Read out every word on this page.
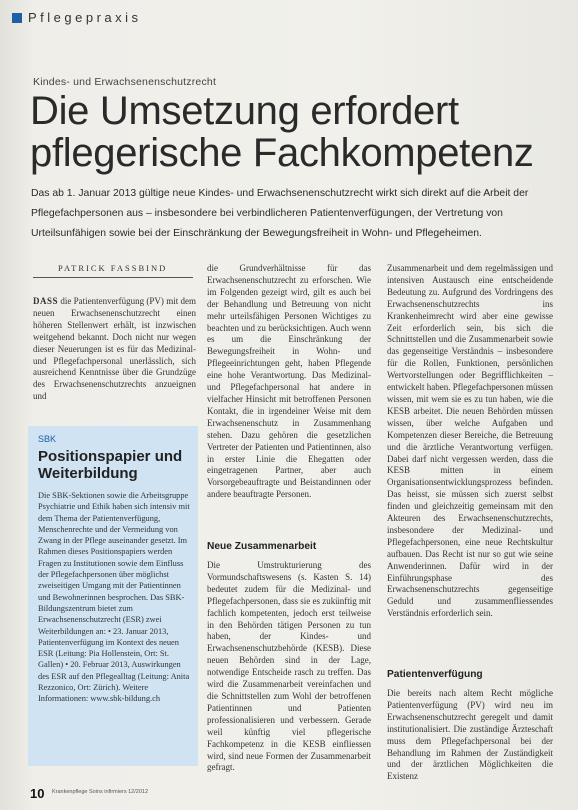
Pflegepraxis
Kindes- und Erwachsenenschutzrecht
Die Umsetzung erfordert
pflegerische Fachkompetenz
Das ab 1. Januar 2013 gültige neue Kindes- und Erwachsenenschutzrecht wirkt sich direkt auf die Arbeit der Pflegefachpersonen aus – insbesondere bei verbindlicheren Patientenverfügungen, der Vertretung von Urteilsunfähigen sowie bei der Einschränkung der Bewegungsfreiheit in Wohn- und Pflegeheimen.
PATRICK FASSBIND
DASS die Patientenverfügung (PV) mit dem neuen Erwachsenenschutzrecht einen höheren Stellenwert erhält, ist inzwischen weitgehend bekannt. Doch nicht nur wegen dieser Neuerungen ist es für das Medizinal- und Pflegefachpersonal unerlässlich, sich ausreichend Kenntnisse über die Grundzüge des Erwachsenenschutzrechts anzueignen und
SBK
Positionspapier und Weiterbildung
Die SBK-Sektionen sowie die Arbeitsgruppe Psychiatrie und Ethik haben sich intensiv mit dem Thema der Patientenverfügung, Menschenrechte und der Vermeidung von Zwang in der Pflege auseinander gesetzt. Im Rahmen dieses Positionspapiers werden Fragen zu Institutionen sowie dem Einfluss der Pflegefachpersonen über möglichst zweiseitigen Umgang mit der Patientinnen und Bewohnerinnen besprochen. Das SBK-Bildungszentrum bietet zum Erwachsenenschutzrecht (ESR) zwei Weiterbildungen an: • 23. Januar 2013, Patientenverfügung im Kontext des neuen ESR (Leitung: Pia Hollenstein, Ort: St. Gallen) • 20. Februar 2013, Auswirkungen des ESR auf den Pflegealltag (Leitung: Anita Rezzonico, Ort: Zürich). Weitere Informationen: www.sbk-bildung.ch
die Grundverhältnisse für das Erwachsenenschutzrecht zu erforschen. Wie im Folgenden gezeigt wird, gilt es auch bei der Behandlung und Betreuung von nicht mehr urteilsfähigen Personen Wichtiges zu beachten und zu berücksichtigen. Auch wenn es um die Einschränkung der Bewegungsfreiheit in Wohn- und Pflegeeinrichtungen geht, haben Pflegende eine hohe Verantwortung. Das Medizinal- und Pflegefachpersonal hat andere in vielfacher Hinsicht mit betroffenen Personen Kontakt, die in irgendeiner Weise mit dem Erwachsenenschutz in Zusammenhang stehen. Dazu gehören die gesetzlichen Vertreter der Patienten und Patientinnen, also in erster Linie die Ehegatten oder eingetragenen Partner, aber auch Vorsorgebeauftragte und Beistandinnen oder andere beauftragte Personen.
Neue Zusammenarbeit
Die Umstrukturierung des Vormundschaftswesens (s. Kasten S. 14) bedeutet zudem für die Medizinal- und Pflegefachpersonen, dass sie es zukünftig mit fachlich kompetenten, jedoch erst teilweise in den Behörden tätigen Personen zu tun haben, der Kindes- und Erwachsenenschutzbehörde (KESB). Diese neuen Behörden sind in der Lage, notwendige Entscheide rasch zu treffen. Das wird die Zusammenarbeit vereinfachen und die Schnittstellen zum Wohl der betroffenen Patientinnen und Patienten professionalisieren und verbessern. Gerade weil künftig viel pflegerische Fachkompetenz in die KESB einfliessen wird, sind neue Formen der Zusammenarbeit gefragt.
Zusammenarbeit und dem regelmässigen und intensiven Austausch eine entscheidende Bedeutung zu. Aufgrund des Vordringens des Erwachsenenschutzrechts ins Krankenheimrecht wird aber eine gewisse Zeit erforderlich sein, bis sich die Schnittstellen und die Zusammenarbeit sowie das gegenseitige Verständnis – insbesondere für die Rollen, Funktionen, persönlichen Wertvorstellungen oder Begrifflichkeiten – entwickelt haben. Pflegefachpersonen müssen wissen, mit wem sie es zu tun haben, wie die KESB arbeitet. Die neuen Behörden müssen wissen, über welche Aufgaben und Kompetenzen dieser Bereiche, die Betreuung und die ärztliche Verantwortung verfügen. Dabei darf nicht vergessen werden, dass die KESB mitten in einem Organisationsentwicklungsprozess befinden. Das heisst, sie müssen sich zuerst selbst finden und gleichzeitig gemeinsam mit den Akteuren des Erwachsenenschutzrechts, insbesondere der Medizinal- und Pflegefachpersonen, eine neue Rechtskultur aufbauen. Das Recht ist nur so gut wie seine Anwenderinnen. Dafür wird in der Einführungsphase des Erwachsenenschutzrechts gegenseitige Geduld und zusammenfliessendes Verständnis erforderlich sein.
Patientenverfügung
Die bereits nach altem Recht mögliche Patientenverfügung (PV) wird neu im Erwachsenenschutzrecht geregelt und damit institutionalisiert. Die zuständige Ärzteschaft muss dem Pflegefachpersonal bei der Behandlung im Rahmen der Zuständigkeit und der ärztlichen Möglichkeiten die Existenz
10 Krankenpflege Soins infirmiers 12/2012
